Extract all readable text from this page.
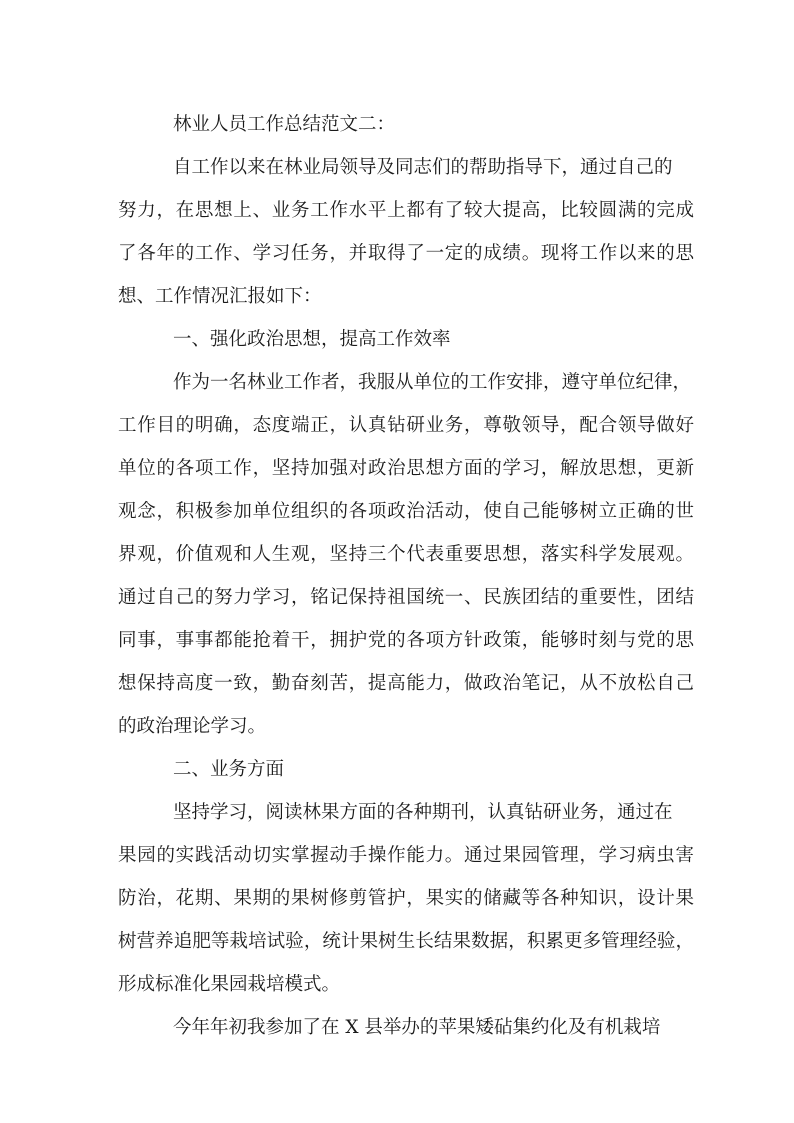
林业人员工作总结范文二：
自工作以来在林业局领导及同志们的帮助指导下，通过自己的
努力，在思想上、业务工作水平上都有了较大提高，比较圆满的完成
了各年的工作、学习任务，并取得了一定的成绩。现将工作以来的思
想、工作情况汇报如下：
一、强化政治思想，提高工作效率
作为一名林业工作者，我服从单位的工作安排，遵守单位纪律，
工作目的明确，态度端正，认真钻研业务，尊敬领导，配合领导做好
单位的各项工作，坚持加强对政治思想方面的学习，解放思想，更新
观念，积极参加单位组织的各项政治活动，使自己能够树立正确的世
界观，价值观和人生观，坚持三个代表重要思想，落实科学发展观。
通过自己的努力学习，铭记保持祖国统一、民族团结的重要性，团结
同事，事事都能抢着干，拥护党的各项方针政策，能够时刻与党的思
想保持高度一致，勤奋刻苦，提高能力，做政治笔记，从不放松自己
的政治理论学习。
二、业务方面
坚持学习，阅读林果方面的各种期刊，认真钻研业务，通过在
果园的实践活动切实掌握动手操作能力。通过果园管理，学习病虫害
防治，花期、果期的果树修剪管护，果实的储藏等各种知识，设计果
树营养追肥等栽培试验，统计果树生长结果数据，积累更多管理经验，
形成标准化果园栽培模式。
今年年初我参加了在 X 县举办的苹果矮砧集约化及有机栽培
